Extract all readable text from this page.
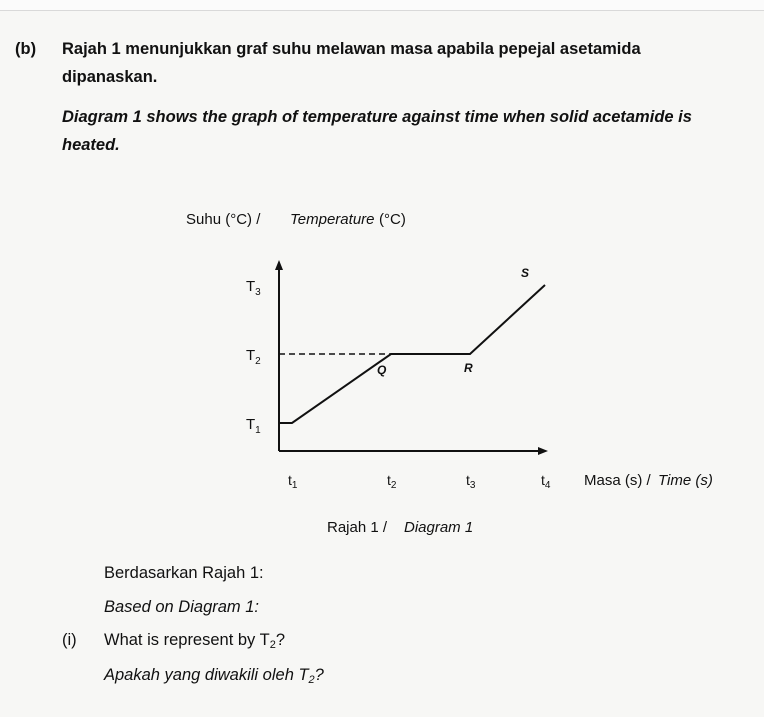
(b) Rajah 1 menunjukkan graf suhu melawan masa apabila pepejal asetamida
dipanaskan.
Diagram 1 shows the graph of temperature against time when solid acetamide is
heated.
Suhu (°C) / Temperature (°C)
$T_1$
$T_2$
$T_3$
$t_1$	$t_2$	$t_3$	$t_4$
Q	R
S
Masa (s) / Time (s)
Rajah 1 / Diagram 1
Berdasarkan Rajah 1:
Based on Diagram 1:
(i) What is represent by $T_2$?
Apakah yang diwakili oleh $T_2$?
